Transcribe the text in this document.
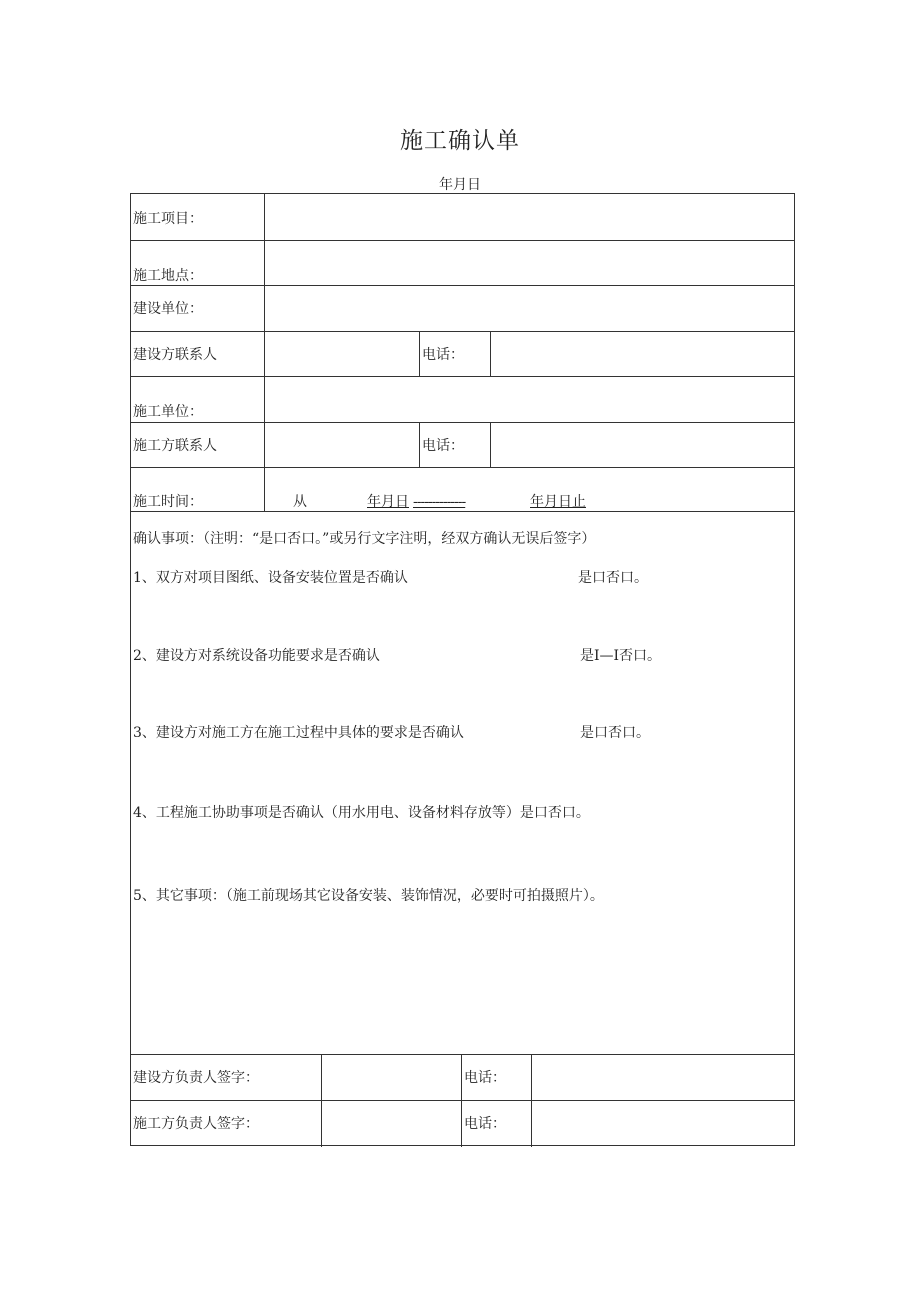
施工确认单
年月日
施工项目：
施工地点：
建设单位：
建设方联系人	电话：
施工单位：
施工方联系人	电话：
施工时间：	从	年月日 --------------	年月日止
确认事项：（注明：“是口否口。”或另行文字注明，经双方确认无误后签字）
1、双方对项目图纸、设备安装位置是否确认	是口否口。
2、建设方对系统设备功能要求是否确认	是I—I否口。
3、建设方对施工方在施工过程中具体的要求是否确认	是口否口。
4、工程施工协助事项是否确认（用水用电、设备材料存放等）是口否口。
5、其它事项：（施工前现场其它设备安装、装饰情况，必要时可拍摄照片）。
建设方负责人签字：	电话：
施工方负责人签字：	电话：
